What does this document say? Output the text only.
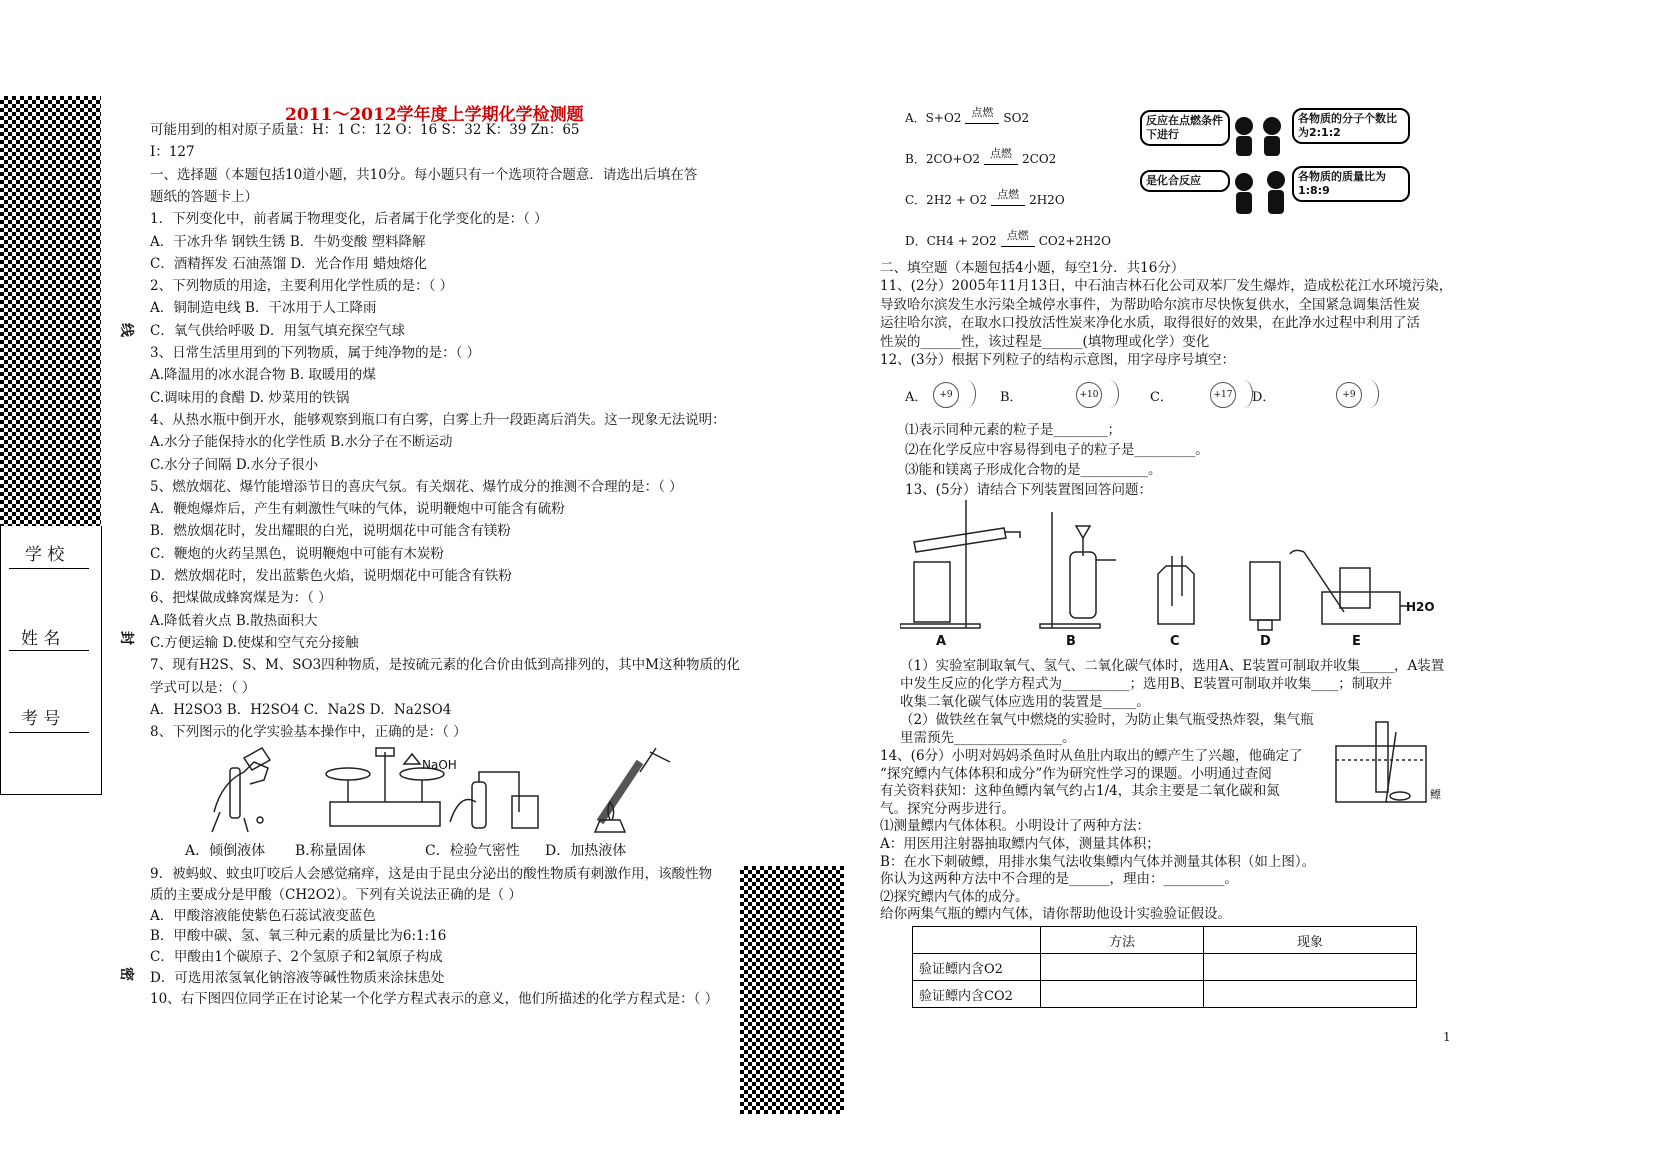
学 校
姓 名
考 号
线
封
密
2011～2012学年度上学期化学检测题
可能用到的相对原子质量：H：1 C：12 O：16 S：32 K：39 Zn：65
I：127
一、选择题（本题包括10道小题，共10分。每小题只有一个选项符合题意．请选出后填在答
题纸的答题卡上）
1．下列变化中，前者属于物理变化，后者属于化学变化的是：（ ）
A．干冰升华 钢铁生锈 B．牛奶变酸 塑料降解
C．酒精挥发 石油蒸馏 D．光合作用 蜡烛熔化
2、下列物质的用途，主要利用化学性质的是：（ ）
A．铜制造电线 B．干冰用于人工降雨
C．氧气供给呼吸 D．用氢气填充探空气球
3、日常生活里用到的下列物质，属于纯净物的是：（ ）
A.降温用的冰水混合物 B. 取暖用的煤
C.调味用的食醋 D. 炒菜用的铁锅
4、从热水瓶中倒开水，能够观察到瓶口有白雾，白雾上升一段距离后消失。这一现象无法说明：
A.水分子能保持水的化学性质 B.水分子在不断运动
C.水分子间隔 D.水分子很小
5、燃放烟花、爆竹能增添节日的喜庆气氛。有关烟花、爆竹成分的推测不合理的是：（ ）
A．鞭炮爆炸后，产生有刺激性气味的气体，说明鞭炮中可能含有硫粉
B．燃放烟花时，发出耀眼的白光，说明烟花中可能含有镁粉
C．鞭炮的火药呈黑色，说明鞭炮中可能有木炭粉
D．燃放烟花时，发出蓝紫色火焰，说明烟花中可能含有铁粉
6、把煤做成蜂窝煤是为：（ ）
A.降低着火点 B.散热面积大
C.方便运输 D.使煤和空气充分接触
7、现有H2S、S、M、SO3四种物质，是按硫元素的化合价由低到高排列的，其中M这种物质的化
学式可以是：（ ）
A．H2SO3 B．H2SO4 C．Na2S D．Na2SO4
8、下列图示的化学实验基本操作中，正确的是：（ ）
NaOH
A．倾倒液体 B.称量固体	C．检验气密性 D．加热液体
9．被蚂蚁、蚊虫叮咬后人会感觉痛痒，这是由于昆虫分泌出的酸性物质有刺激作用，该酸性物
质的主要成分是甲酸（CH2O2）。下列有关说法正确的是（ ）
A．甲酸溶液能使紫色石蕊试液变蓝色
B．甲酸中碳、氢、氧三种元素的质量比为6:1:16
C．甲酸由1个碳原子、2个氢原子和2氧原子构成
D．可选用浓氢氧化钠溶液等碱性物质来涂抹患处
10、右下图四位同学正在讨论某一个化学方程式表示的意义，他们所描述的化学方程式是：（ ）
A．S+O2 点燃 SO2
B．2CO+O2 点燃 2CO2
C．2H2 + O2 点燃 2H2O
D．CH4 + 2O2 点燃 CO2+2H2O
反应在点燃条件下进行
各物质的分子个数比为2:1:2
是化合反应	各物质的质量比为1:8:9
二、填空题（本题包括4小题，每空1分．共16分）
11、(2分）2005年11月13日，中石油吉林石化公司双苯厂发生爆炸，造成松花江水环境污染，
导致哈尔滨发生水污染全城停水事件，为帮助哈尔滨市尽快恢复供水，全国紧急调集活性炭
运往哈尔滨，在取水口投放活性炭来净化水质，取得很好的效果，在此净水过程中利用了活
性炭的______性，该过程是______(填物理或化学）变化
12、(3分）根据下列粒子的结构示意图，用字母序号填空：
A．	+9	B．	+10	C．	+17 D．	+9
⑴表示同种元素的粒子是________；
⑵在化学反应中容易得到电子的粒子是_________。
⑶能和镁离子形成化合物的是__________。
13、(5分）请结合下列装置图回答问题：
A	B	C	D	E
H2O
（1）实验室制取氧气、氢气、二氧化碳气体时，选用A、E装置可制取并收集_____，A装置
中发生反应的化学方程式为__________；选用B、E装置可制取并收集____；制取并
收集二氧化碳气体应选用的装置是_____。
（2）做铁丝在氧气中燃烧的实验时，为防止集气瓶受热炸裂，集气瓶
里需预先________________。
14、(6分）小明对妈妈杀鱼时从鱼肚内取出的鳔产生了兴趣，他确定了
“探究鳔内气体体积和成分”作为研究性学习的课题。小明通过查阅
有关资料获知：这种鱼鳔内氧气约占1/4，其余主要是二氧化碳和氮
气。探究分两步进行。
⑴测量鳔内气体体积。小明设计了两种方法：
A：用医用注射器抽取鳔内气体，测量其体积；
B：在水下刺破鳔，用排水集气法收集鳔内气体并测量其体积（如上图）。
你认为这两种方法中不合理的是______，理由：_________。
⑵探究鳔内气体的成分。
给你两集气瓶的鳔内气体，请你帮助他设计实验验证假设。
鳔
	方法	现象
验证鳔内含O2		
验证鳔内含CO2		
1
